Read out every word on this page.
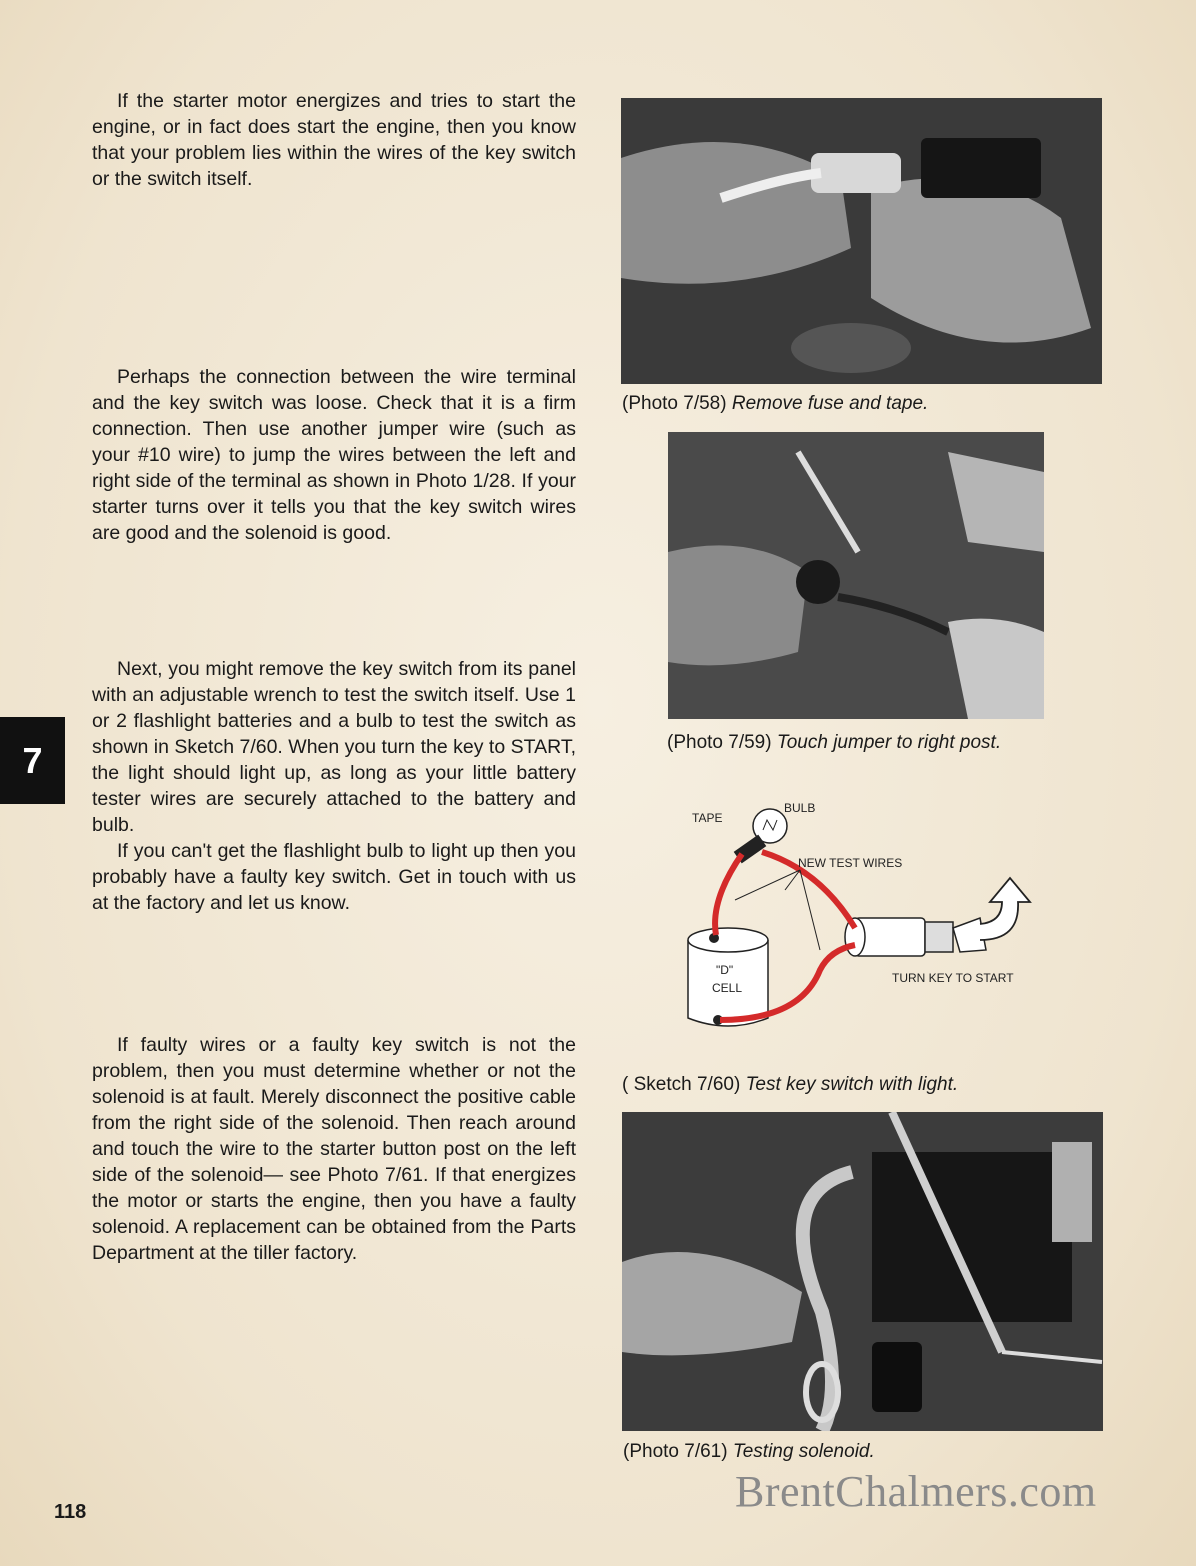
If the starter motor energizes and tries to start the engine, or in fact does start the engine, then you know that your problem lies within the wires of the key switch or the switch itself.

Perhaps the connection between the wire terminal and the key switch was loose. Check that it is a firm connection. Then use another jumper wire (such as your #10 wire) to jump the wires between the left and right side of the terminal as shown in Photo 1/28. If your starter turns over it tells you that the key switch wires are good and the solenoid is good.

Next, you might remove the key switch from its panel with an adjustable wrench to test the switch itself. Use 1 or 2 flashlight batteries and a bulb to test the switch as shown in Sketch 7/60. When you turn the key to START, the light should light up, as long as your little battery tester wires are securely attached to the battery and bulb.
If you can't get the flashlight bulb to light up then you probably have a faulty key switch. Get in touch with us at the factory and let us know.

If faulty wires or a faulty key switch is not the problem, then you must determine whether or not the solenoid is at fault. Merely disconnect the positive cable from the right side of the solenoid. Then reach around and touch the wire to the starter button post on the left side of the solenoid— see Photo 7/61. If that energizes the motor or starts the engine, then you have a faulty solenoid. A replacement can be obtained from the Parts Department at the tiller factory.

7
(Photo 7/58) Remove fuse and tape.
(Photo 7/59) Touch jumper to right post.
TAPE
BULB
NEW TEST WIRES
"D"
CELL
TURN KEY TO START
( Sketch 7/60) Test key switch with light.
(Photo 7/61) Testing solenoid.
118	BrentChalmers.com
